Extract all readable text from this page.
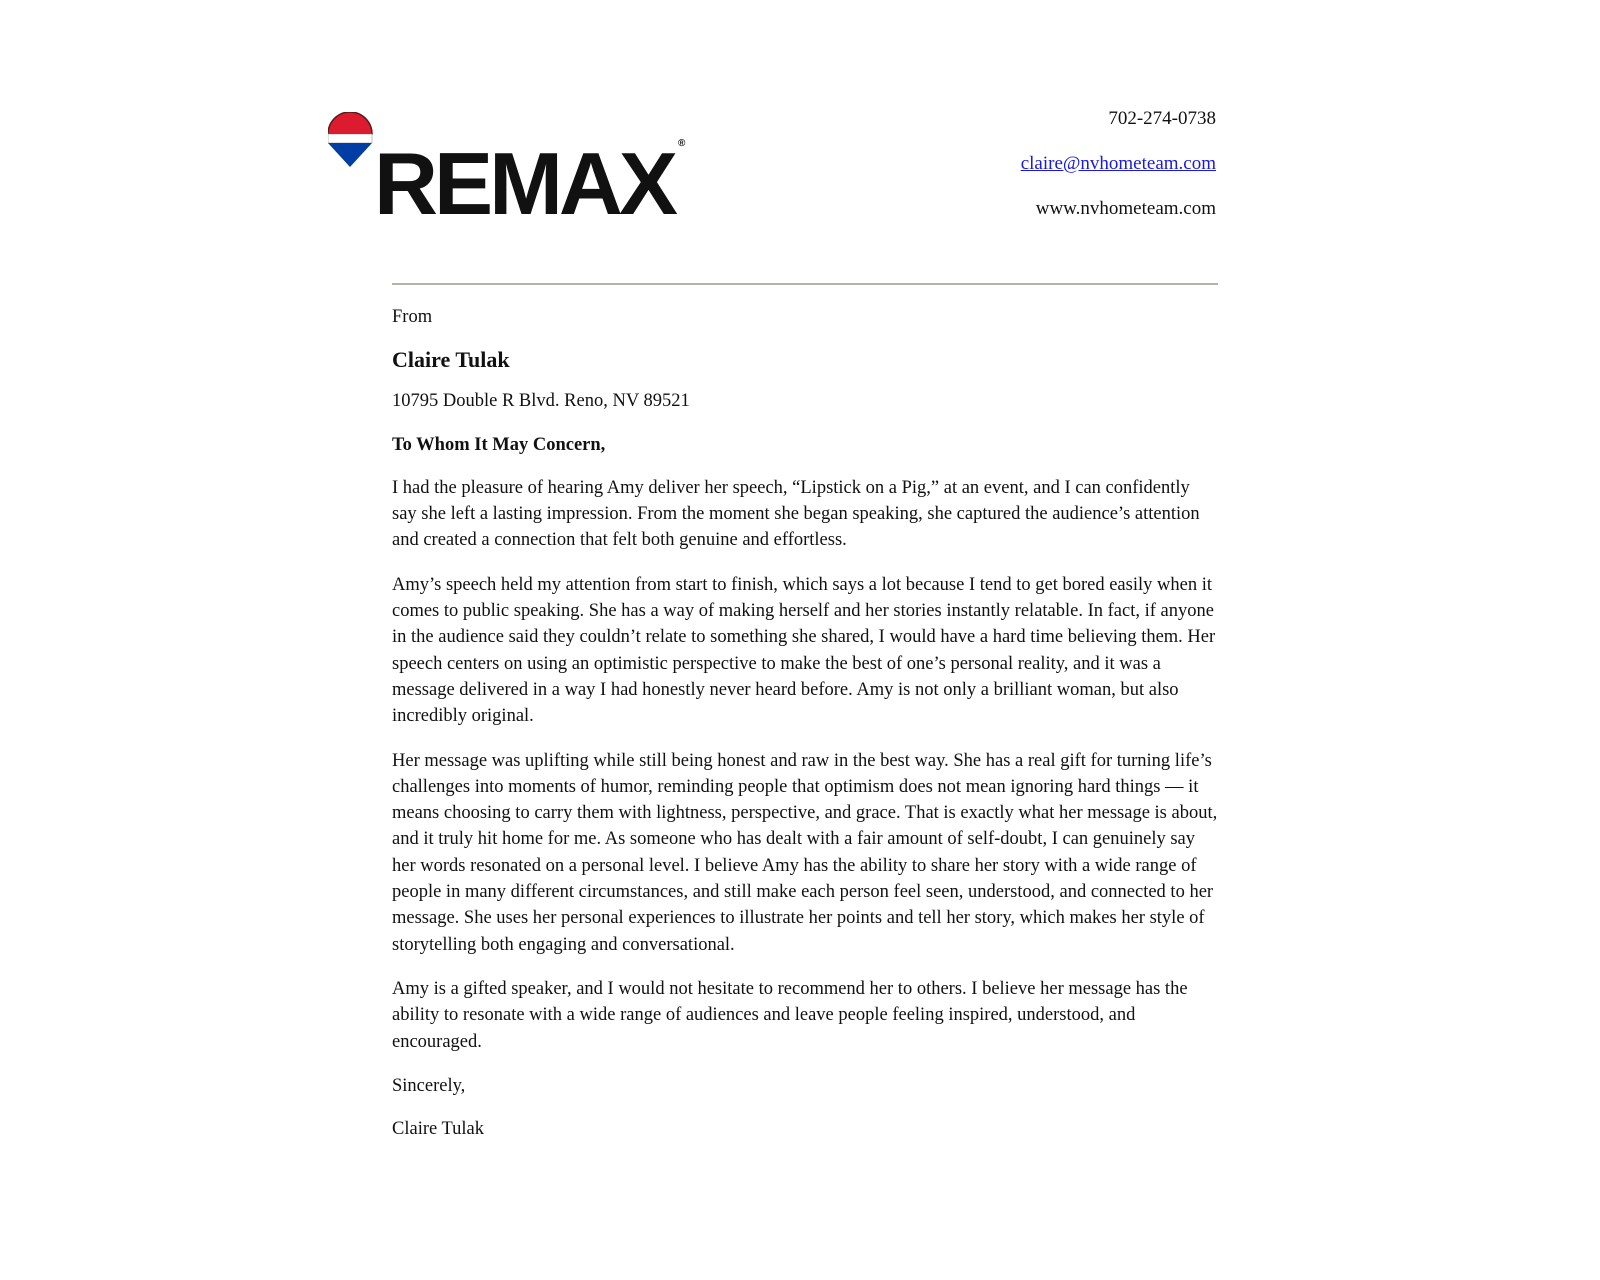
REMAX ®
702-274-0738
claire@nvhometeam.com
www.nvhometeam.com

From

Claire Tulak

10795 Double R Blvd. Reno, NV 89521

To Whom It May Concern,

I had the pleasure of hearing Amy deliver her speech, “Lipstick on a Pig,” at an event, and I can confidently say she left a lasting impression. From the moment she began speaking, she captured the audience’s attention and created a connection that felt both genuine and effortless.

Amy’s speech held my attention from start to finish, which says a lot because I tend to get bored easily when it comes to public speaking. She has a way of making herself and her stories instantly relatable. In fact, if anyone in the audience said they couldn’t relate to something she shared, I would have a hard time believing them. Her speech centers on using an optimistic perspective to make the best of one’s personal reality, and it was a message delivered in a way I had honestly never heard before. Amy is not only a brilliant woman, but also incredibly original.

Her message was uplifting while still being honest and raw in the best way. She has a real gift for turning life’s challenges into moments of humor, reminding people that optimism does not mean ignoring hard things — it means choosing to carry them with lightness, perspective, and grace. That is exactly what her message is about, and it truly hit home for me. As someone who has dealt with a fair amount of self-doubt, I can genuinely say her words resonated on a personal level. I believe Amy has the ability to share her story with a wide range of people in many different circumstances, and still make each person feel seen, understood, and connected to her message. She uses her personal experiences to illustrate her points and tell her story, which makes her style of storytelling both engaging and conversational.

Amy is a gifted speaker, and I would not hesitate to recommend her to others. I believe her message has the ability to resonate with a wide range of audiences and leave people feeling inspired, understood, and encouraged.

Sincerely,

Claire Tulak
